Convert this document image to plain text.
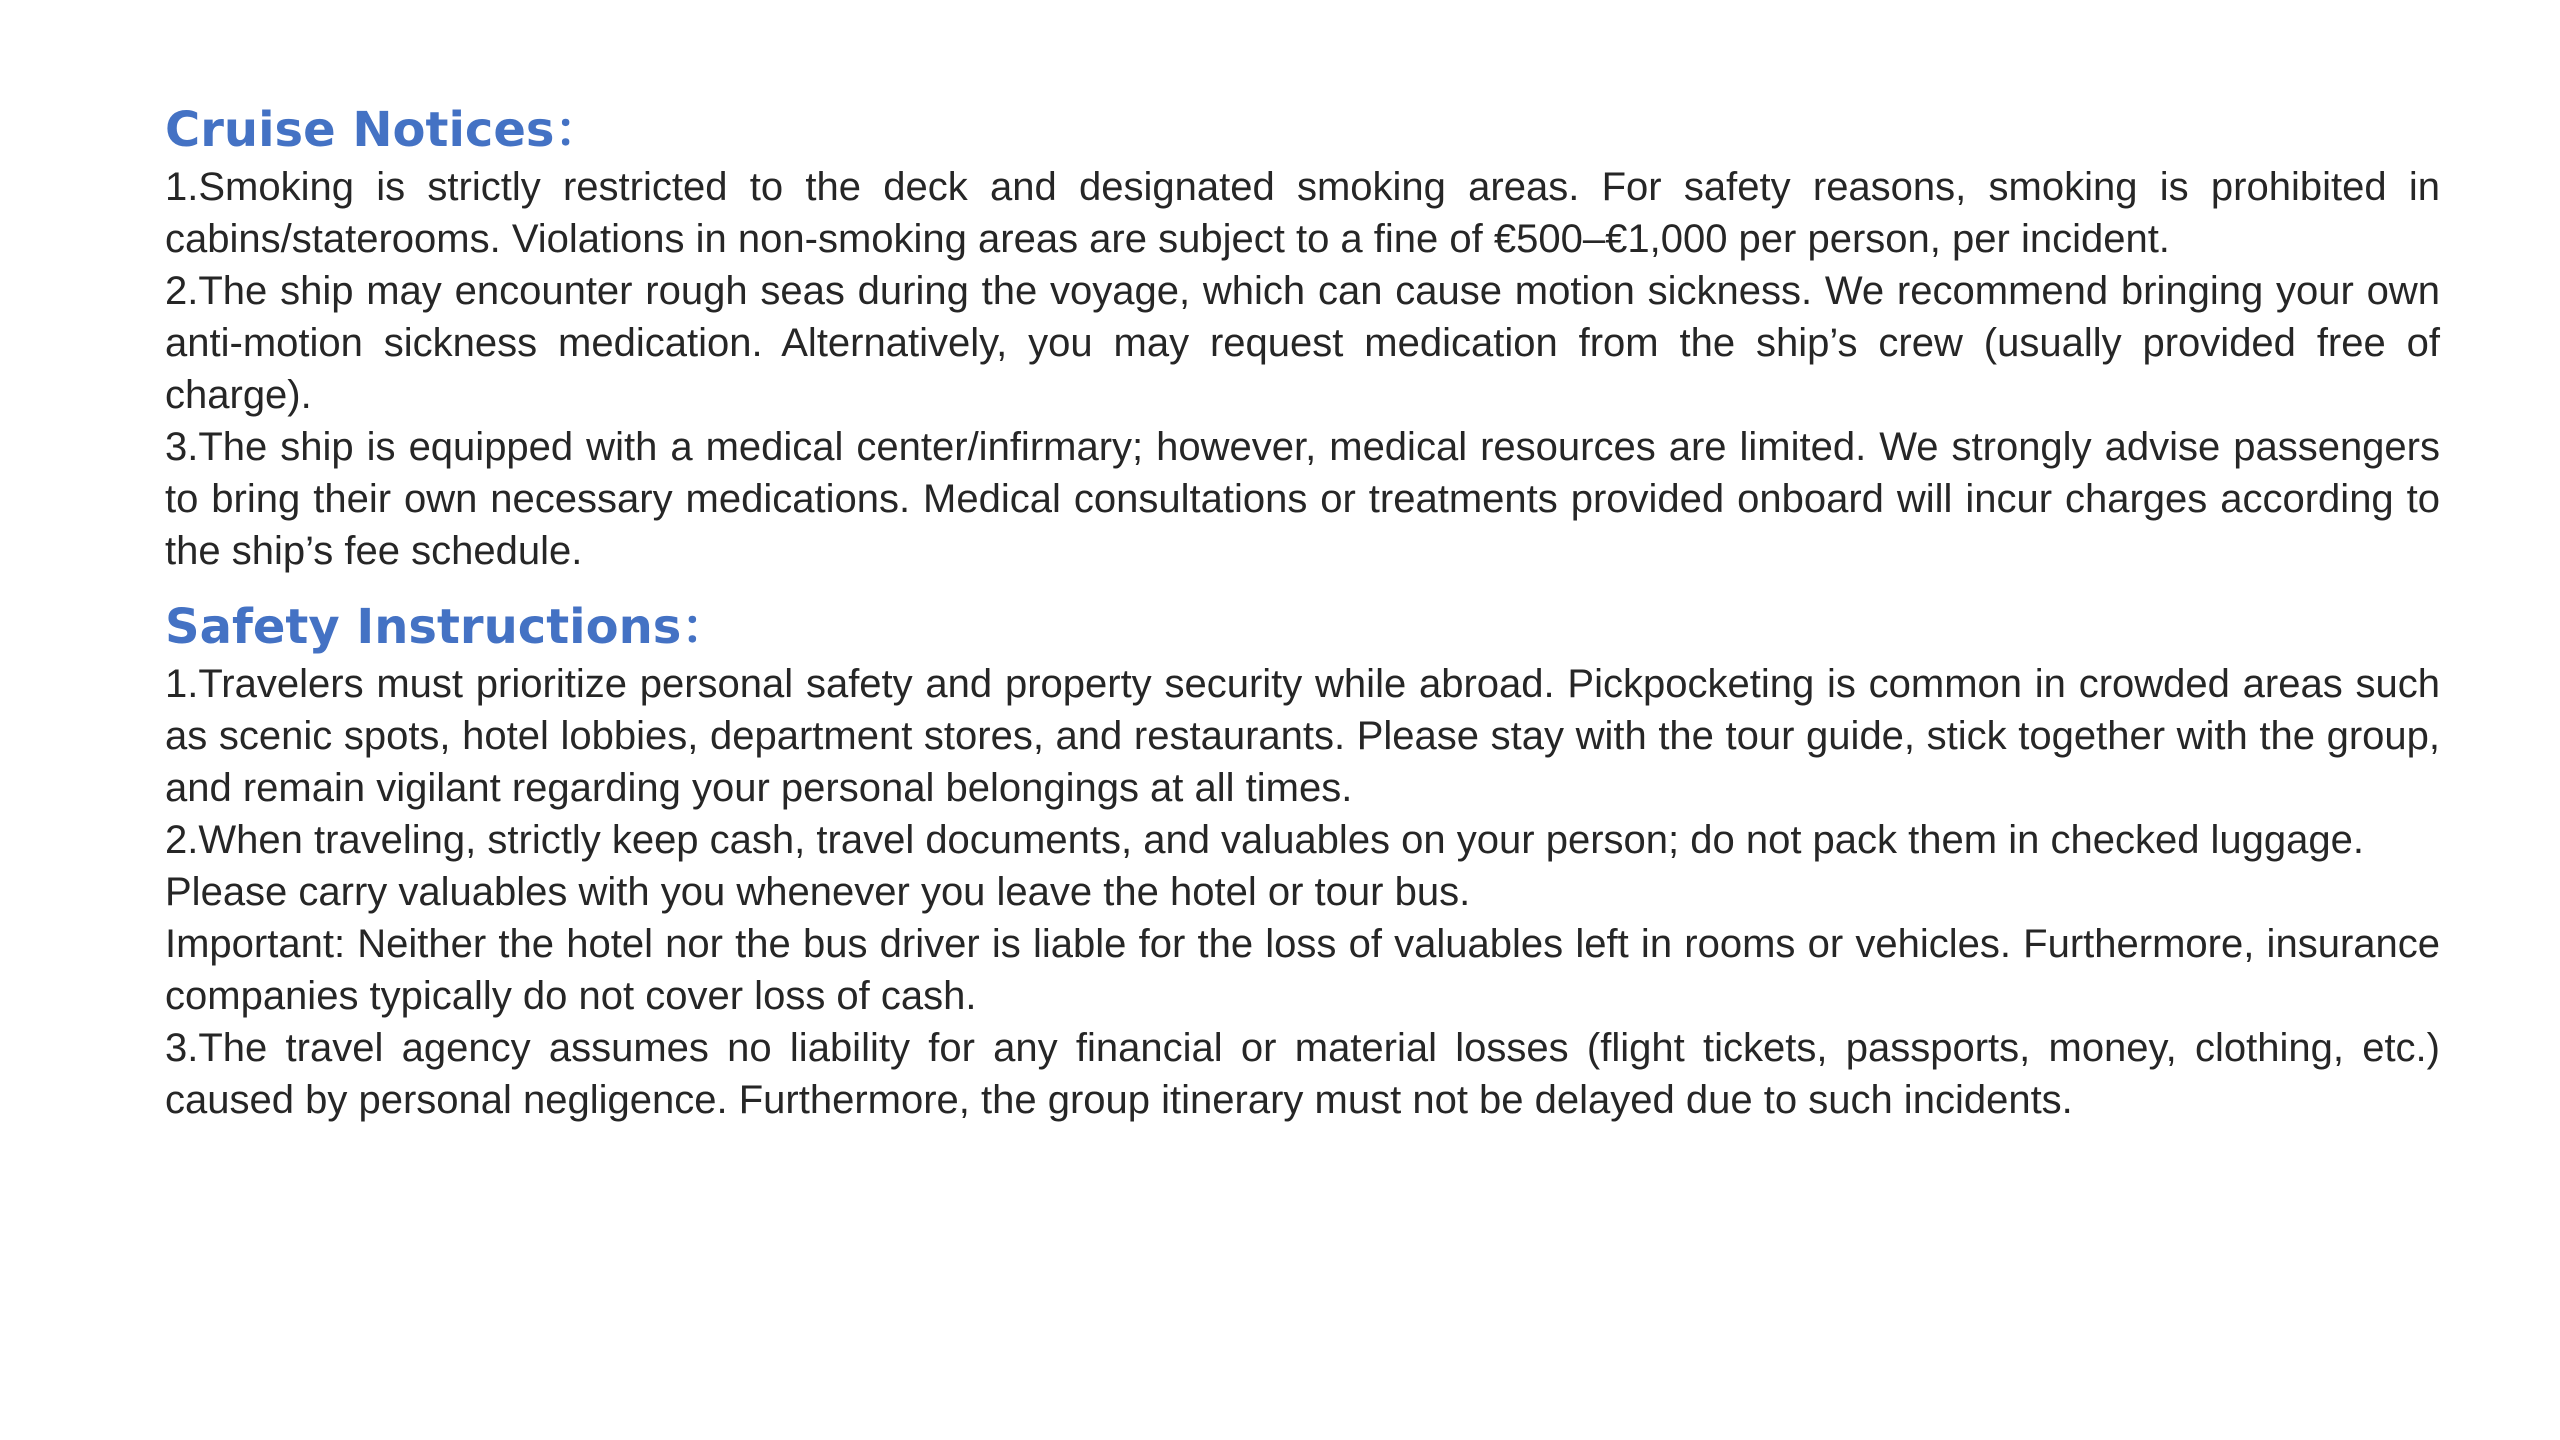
Cruise Notices：

1.Smoking is strictly restricted to the deck and designated smoking areas. For safety reasons, smoking is prohibited in cabins/staterooms. Violations in non-smoking areas are subject to a fine of €500–€1,000 per person, per incident.

2.The ship may encounter rough seas during the voyage, which can cause motion sickness. We recommend bringing your own anti-motion sickness medication. Alternatively, you may request medication from the ship’s crew (usually provided free of charge).

3.The ship is equipped with a medical center/infirmary; however, medical resources are limited. We strongly advise passengers to bring their own necessary medications. Medical consultations or treatments provided onboard will incur charges according to the ship’s fee schedule.

Safety Instructions：

1.Travelers must prioritize personal safety and property security while abroad. Pickpocketing is common in crowded areas such as scenic spots, hotel lobbies, department stores, and restaurants. Please stay with the tour guide, stick together with the group, and remain vigilant regarding your personal belongings at all times.

2.When traveling, strictly keep cash, travel documents, and valuables on your person; do not pack them in checked luggage.

Please carry valuables with you whenever you leave the hotel or tour bus.

Important: Neither the hotel nor the bus driver is liable for the loss of valuables left in rooms or vehicles. Furthermore, insurance companies typically do not cover loss of cash.

3.The travel agency assumes no liability for any financial or material losses (flight tickets, passports, money, clothing, etc.) caused by personal negligence. Furthermore, the group itinerary must not be delayed due to such incidents.
